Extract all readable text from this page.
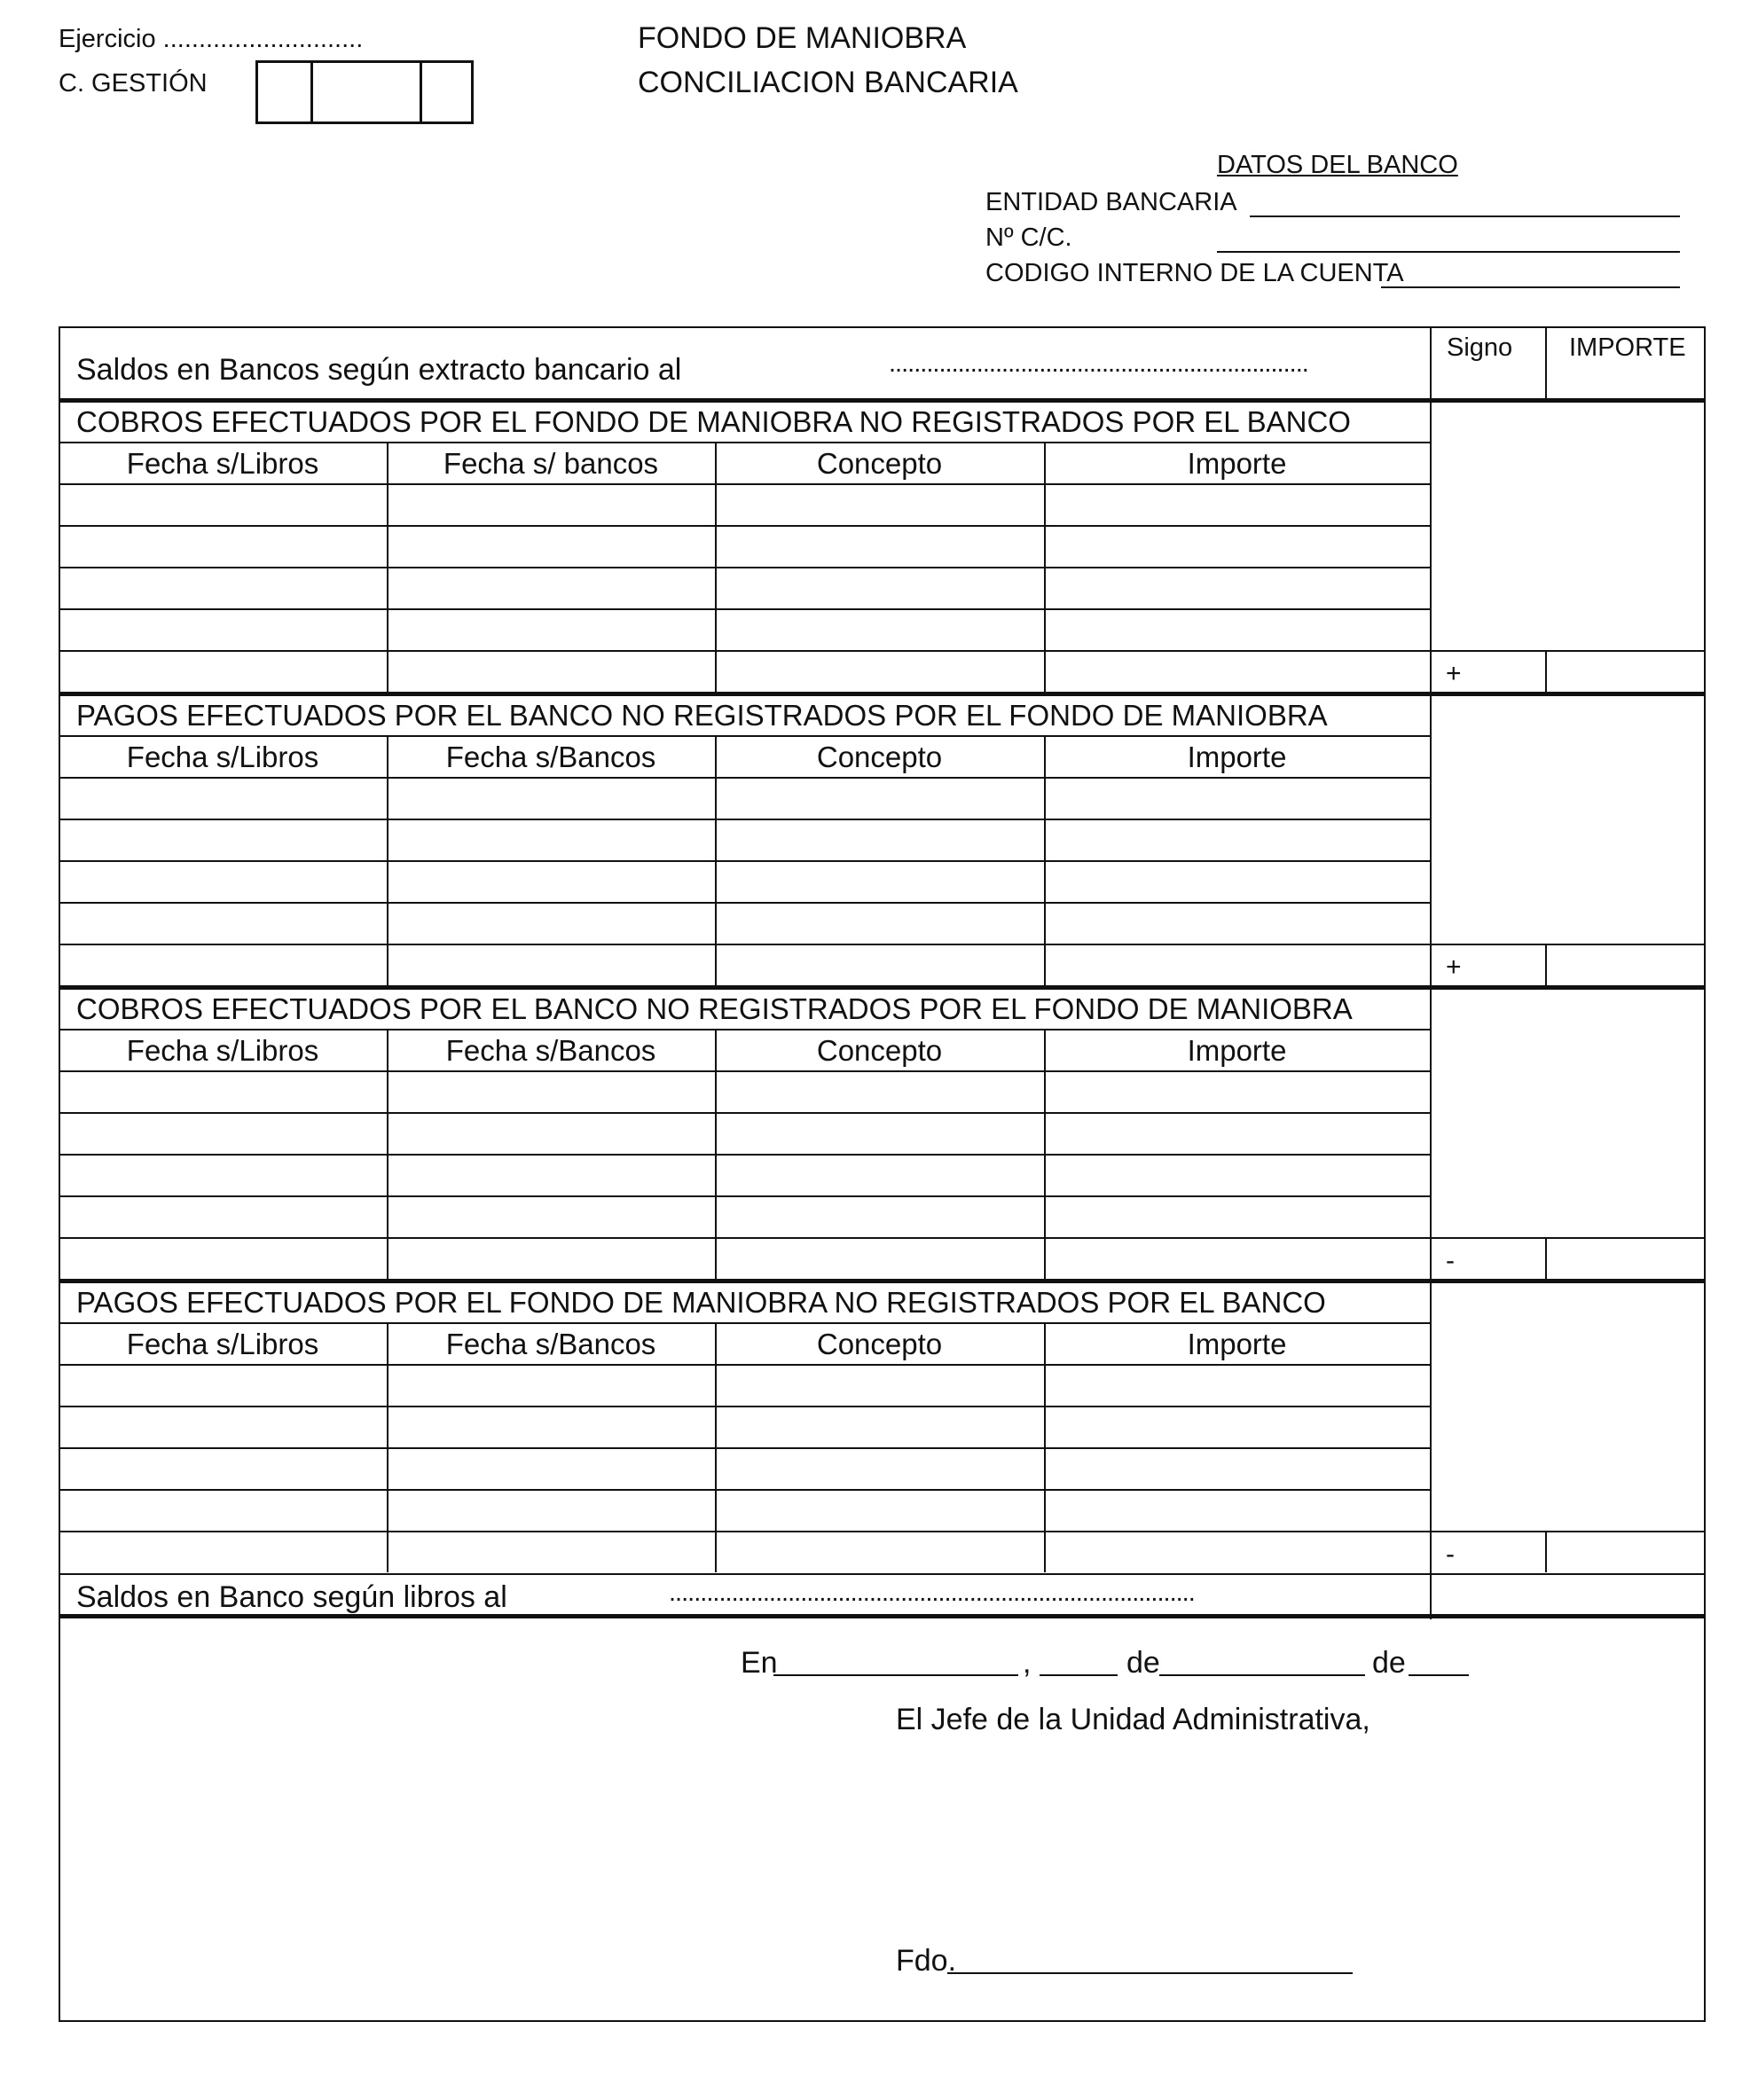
Ejercicio ............................
C. GESTIÓN
FONDO DE MANIOBRA
CONCILIACION BANCARIA
DATOS DEL BANCO
ENTIDAD BANCARIA
Nº C/C.
CODIGO INTERNO DE LA CUENTA
Saldos en Bancos según extracto bancario al	...................................................................
Signo IMPORTE
COBROS EFECTUADOS POR EL FONDO DE MANIOBRA NO REGISTRADOS POR EL BANCO
Fecha s/Libros	Fecha s/ bancos	Concepto	Importe
+
PAGOS EFECTUADOS POR EL BANCO NO REGISTRADOS POR EL FONDO DE MANIOBRA
Fecha s/Libros	Fecha s/Bancos	Concepto	Importe
+
COBROS EFECTUADOS POR EL BANCO NO REGISTRADOS POR EL FONDO DE MANIOBRA
Fecha s/Libros	Fecha s/Bancos	Concepto	Importe
-
PAGOS EFECTUADOS POR EL FONDO DE MANIOBRA NO REGISTRADOS POR EL BANCO
Fecha s/Libros	Fecha s/Bancos	Concepto	Importe
-
Saldos en Banco según libros al	....................................................................................
En	,	de	de
El Jefe de la Unidad Administrativa,
Fdo.
